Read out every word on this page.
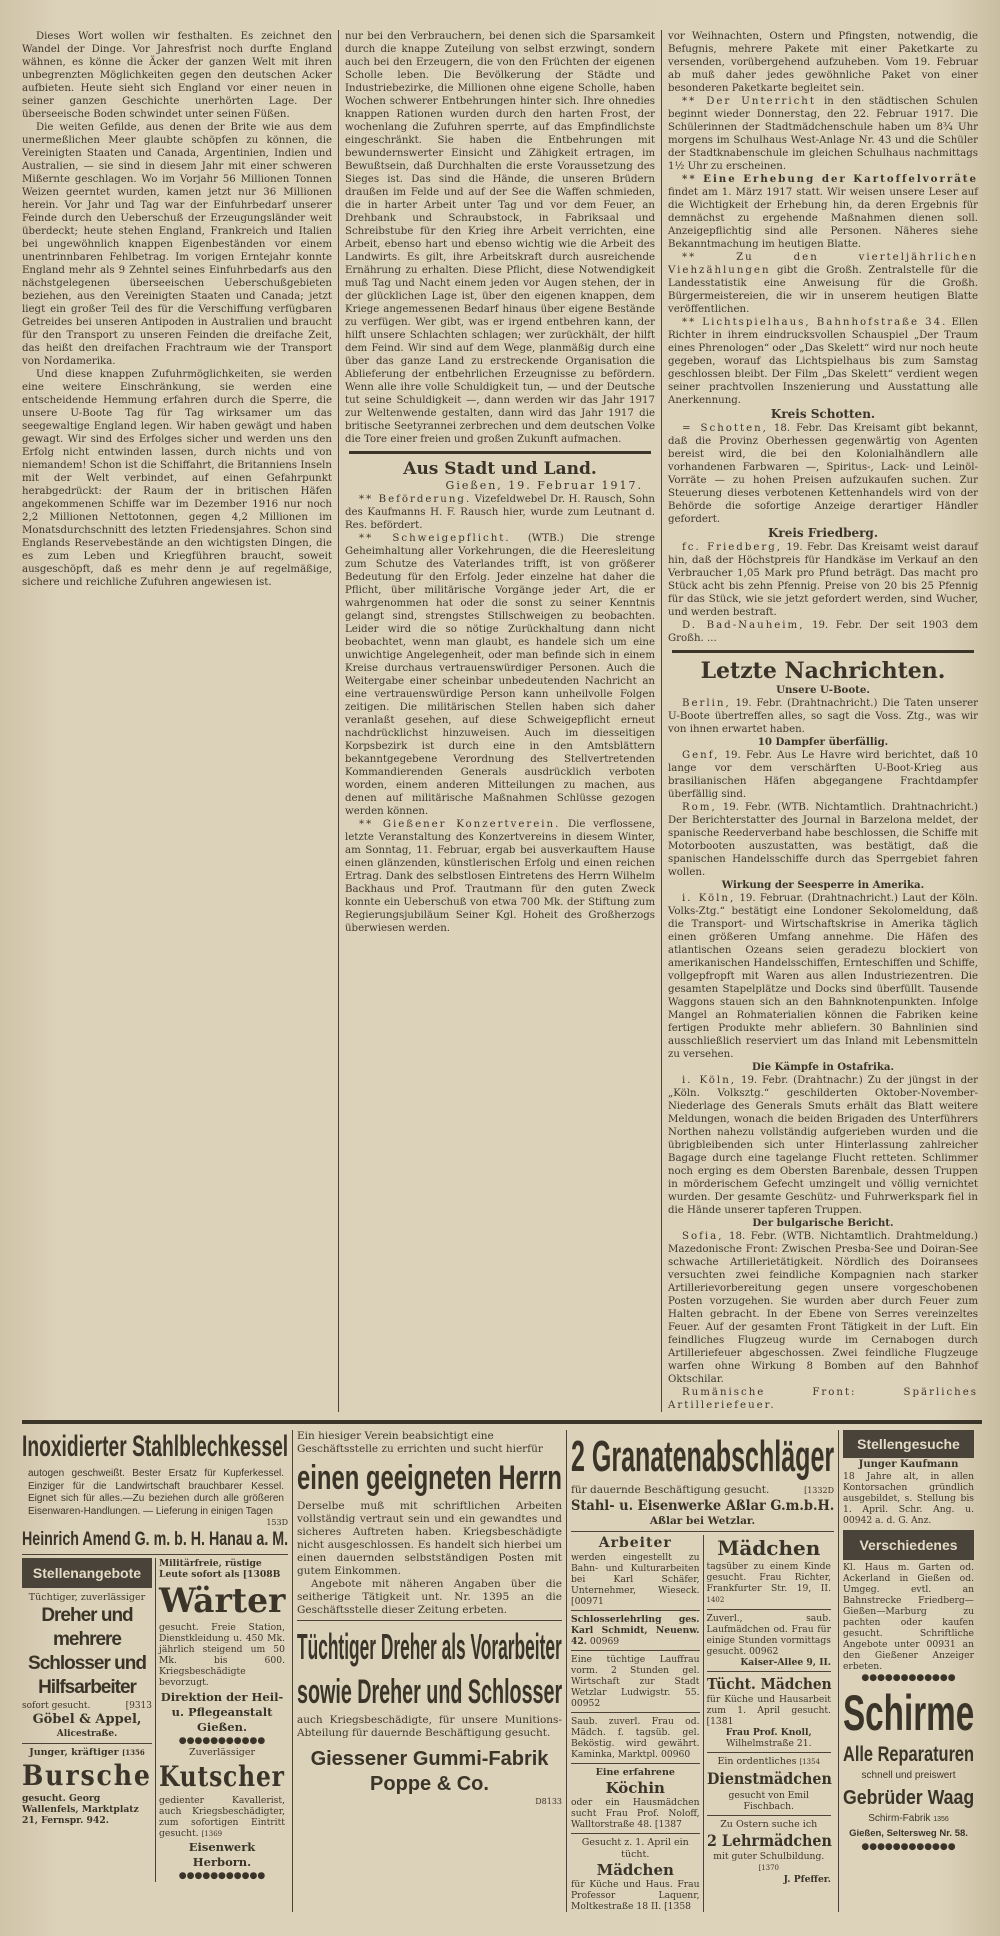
Dieses Wort wollen wir festhalten. Es zeichnet den Wandel der Dinge. Vor Jahresfrist noch durfte England wähnen, es könne die Äcker der ganzen Welt mit ihren unbegrenzten Möglichkeiten gegen den deutschen Acker aufbieten. Heute sieht sich England vor einer neuen in seiner ganzen Geschichte unerhörten Lage. Der überseeische Boden schwindet unter seinen Füßen.

Die weiten Gefilde, aus denen der Brite wie aus dem unermeßlichen Meer glaubte schöpfen zu können, die Vereinigten Staaten und Canada, Argentinien, Indien und Australien, — sie sind in diesem Jahr mit einer schweren Mißernte geschlagen. Wo im Vorjahr 56 Millionen Tonnen Weizen geerntet wurden, kamen jetzt nur 36 Millionen herein. Vor Jahr und Tag war der Einfuhrbedarf unserer Feinde durch den Ueberschuß der Erzeugungsländer weit überdeckt; heute stehen England, Frankreich und Italien bei ungewöhnlich knappen Eigenbeständen vor einem unentrinnbaren Fehlbetrag. Im vorigen Erntejahr konnte England mehr als 9 Zehntel seines Einfuhrbedarfs aus den nächstgelegenen überseeischen Ueberschußgebieten beziehen, aus den Vereinigten Staaten und Canada; jetzt liegt ein großer Teil des für die Verschiffung verfügbaren Getreides bei unseren Antipoden in Australien und braucht für den Transport zu unseren Feinden die dreifache Zeit, das heißt den dreifachen Frachtraum wie der Transport von Nordamerika.

Und diese knappen Zufuhrmöglichkeiten, sie werden eine weitere Einschränkung, sie werden eine entscheidende Hemmung erfahren durch die Sperre, die unsere U-Boote Tag für Tag wirksamer um das seegewaltige England legen. Wir haben gewägt und haben gewagt. Wir sind des Erfolges sicher und werden uns den Erfolg nicht entwinden lassen, durch nichts und von niemandem! Schon ist die Schiffahrt, die Britanniens Inseln mit der Welt verbindet, auf einen Gefahrpunkt herabgedrückt: der Raum der in britischen Häfen angekommenen Schiffe war im Dezember 1916 nur noch 2,2 Millionen Nettotonnen, gegen 4,2 Millionen im Monatsdurchschnitt des letzten Friedensjahres. Schon sind Englands Reservebestände an den wichtigsten Dingen, die es zum Leben und Kriegführen braucht, soweit ausgeschöpft, daß es mehr denn je auf regelmäßige, sichere und reichliche Zufuhren angewiesen ist.

nur bei den Verbrauchern, bei denen sich die Sparsamkeit durch die knappe Zuteilung von selbst erzwingt, sondern auch bei den Erzeugern, die von den Früchten der eigenen Scholle leben. Die Bevölkerung der Städte und Industriebezirke, die Millionen ohne eigene Scholle, haben Wochen schwerer Entbehrungen hinter sich. Ihre ohnedies knappen Rationen wurden durch den harten Frost, der wochenlang die Zufuhren sperrte, auf das Empfindlichste eingeschränkt. Sie haben die Entbehrungen mit bewundernswerter Einsicht und Zähigkeit ertragen, im Bewußtsein, daß Durchhalten die erste Voraussetzung des Sieges ist. Das sind die Hände, die unseren Brüdern draußen im Felde und auf der See die Waffen schmieden, die in harter Arbeit unter Tag und vor dem Feuer, an Drehbank und Schraubstock, in Fabriksaal und Schreibstube für den Krieg ihre Arbeit verrichten, eine Arbeit, ebenso hart und ebenso wichtig wie die Arbeit des Landwirts. Es gilt, ihre Arbeitskraft durch ausreichende Ernährung zu erhalten. Diese Pflicht, diese Notwendigkeit muß Tag und Nacht einem jeden vor Augen stehen, der in der glücklichen Lage ist, über den eigenen knappen, dem Kriege angemessenen Bedarf hinaus über eigene Bestände zu verfügen. Wer gibt, was er irgend entbehren kann, der hilft unsere Schlachten schlagen; wer zurückhält, der hilft dem Feind. Wir sind auf dem Wege, planmäßig durch eine über das ganze Land zu erstreckende Organisation die Ablieferung der entbehrlichen Erzeugnisse zu befördern. Wenn alle ihre volle Schuldigkeit tun, — und der Deutsche tut seine Schuldigkeit —, dann werden wir das Jahr 1917 zur Weltenwende gestalten, dann wird das Jahr 1917 die britische Seetyrannei zerbrechen und dem deutschen Volke die Tore einer freien und großen Zukunft aufmachen.

Aus Stadt und Land.
Gießen, 19. Februar 1917.

** Beförderung. Vizefeldwebel Dr. H. Rausch, Sohn des Kaufmanns H. F. Rausch hier, wurde zum Leutnant d. Res. befördert.

** Schweigepflicht. (WTB.) Die strenge Geheimhaltung aller Vorkehrungen, die die Heeresleitung zum Schutze des Vaterlandes trifft, ist von größerer Bedeutung für den Erfolg. Jeder einzelne hat daher die Pflicht, über militärische Vorgänge jeder Art, die er wahrgenommen hat oder die sonst zu seiner Kenntnis gelangt sind, strengstes Stillschweigen zu beobachten. Leider wird die so nötige Zurückhaltung dann nicht beobachtet, wenn man glaubt, es handele sich um eine unwichtige Angelegenheit, oder man befinde sich in einem Kreise durchaus vertrauenswürdiger Personen. Auch die Weitergabe einer scheinbar unbedeutenden Nachricht an eine vertrauenswürdige Person kann unheilvolle Folgen zeitigen. Die militärischen Stellen haben sich daher veranlaßt gesehen, auf diese Schweigepflicht erneut nachdrücklichst hinzuweisen. Auch im diesseitigen Korpsbezirk ist durch eine in den Amtsblättern bekanntgegebene Verordnung des Stellvertretenden Kommandierenden Generals ausdrücklich verboten worden, einem anderen Mitteilungen zu machen, aus denen auf militärische Maßnahmen Schlüsse gezogen werden können.

** Gießener Konzertverein. Die verflossene, letzte Veranstaltung des Konzertvereins in diesem Winter, am Sonntag, 11. Februar, ergab bei ausverkauftem Hause einen glänzenden, künstlerischen Erfolg und einen reichen Ertrag. Dank des selbstlosen Eintretens des Herrn Wilhelm Backhaus und Prof. Trautmann für den guten Zweck konnte ein Ueberschuß von etwa 700 Mk. der Stiftung zum Regierungsjubiläum Seiner Kgl. Hoheit des Großherzogs überwiesen werden.

vor Weihnachten, Ostern und Pfingsten, notwendig, die Befugnis, mehrere Pakete mit einer Paketkarte zu versenden, vorübergehend aufzuheben. Vom 19. Februar ab muß daher jedes gewöhnliche Paket von einer besonderen Paketkarte begleitet sein.

** Der Unterricht in den städtischen Schulen beginnt wieder Donnerstag, den 22. Februar 1917. Die Schülerinnen der Stadtmädchenschule haben um 8¾ Uhr morgens im Schulhaus West-Anlage Nr. 43 und die Schüler der Stadtknabenschule im gleichen Schulhaus nachmittags 1½ Uhr zu erscheinen.

** Eine Erhebung der Kartoffelvorräte findet am 1. März 1917 statt. Wir weisen unsere Leser auf die Wichtigkeit der Erhebung hin, da deren Ergebnis für demnächst zu ergehende Maßnahmen dienen soll. Anzeigepflichtig sind alle Personen. Näheres siehe Bekanntmachung im heutigen Blatte.

** Zu den vierteljährlichen Viehzählungen gibt die Großh. Zentralstelle für die Landesstatistik eine Anweisung für die Großh. Bürgermeistereien, die wir in unserem heutigen Blatte veröffentlichen.

** Lichtspielhaus, Bahnhofstraße 34. Ellen Richter in ihrem eindrucksvollen Schauspiel „Der Traum eines Phrenologen“ oder „Das Skelett“ wird nur noch heute gegeben, worauf das Lichtspielhaus bis zum Samstag geschlossen bleibt. Der Film „Das Skelett“ verdient wegen seiner prachtvollen Inszenierung und Ausstattung alle Anerkennung.

Kreis Schotten.

= Schotten, 18. Febr. Das Kreisamt gibt bekannt, daß die Provinz Oberhessen gegenwärtig von Agenten bereist wird, die bei den Kolonialhändlern alle vorhandenen Farbwaren —, Spiritus-, Lack- und Leinöl-Vorräte — zu hohen Preisen aufzukaufen suchen. Zur Steuerung dieses verbotenen Kettenhandels wird von der Behörde die sofortige Anzeige derartiger Händler gefordert.

Kreis Friedberg.

fc. Friedberg, 19. Febr. Das Kreisamt weist darauf hin, daß der Höchstpreis für Handkäse im Verkauf an den Verbraucher 1,05 Mark pro Pfund beträgt. Das macht pro Stück acht bis zehn Pfennig. Preise von 20 bis 25 Pfennig für das Stück, wie sie jetzt gefordert werden, sind Wucher, und werden bestraft.

D. Bad-Nauheim, 19. Febr. Der seit 1903 dem Großh. ...

Letzte Nachrichten.
Unsere U-Boote.

Berlin, 19. Febr. (Drahtnachricht.) Die Taten unserer U-Boote übertreffen alles, so sagt die Voss. Ztg., was wir von ihnen erwartet haben.

10 Dampfer überfällig.

Genf, 19. Febr. Aus Le Havre wird berichtet, daß 10 lange vor dem verschärften U-Boot-Krieg aus brasilianischen Häfen abgegangene Frachtdampfer überfällig sind.

Rom, 19. Febr. (WTB. Nichtamtlich. Drahtnachricht.) Der Berichterstatter des Journal in Barzelona meldet, der spanische Reederverband habe beschlossen, die Schiffe mit Motorbooten auszustatten, was bestätigt, daß die spanischen Handelsschiffe durch das Sperrgebiet fahren wollen.

Wirkung der Seesperre in Amerika.

i. Köln, 19. Februar. (Drahtnachricht.) Laut der Köln. Volks-Ztg.“ bestätigt eine Londoner Sekolomeldung, daß die Transport- und Wirtschaftskrise in Amerika täglich einen größeren Umfang annehme. Die Häfen des atlantischen Ozeans seien geradezu blockiert von amerikanischen Handelsschiffen, Ernteschiffen und Schiffe, vollgepfropft mit Waren aus allen Industriezentren. Die gesamten Stapelplätze und Docks sind überfüllt. Tausende Waggons stauen sich an den Bahnknotenpunkten. Infolge Mangel an Rohmaterialien können die Fabriken keine fertigen Produkte mehr abliefern. 30 Bahnlinien sind ausschließlich reserviert um das Inland mit Lebensmitteln zu versehen.

Die Kämpfe in Ostafrika.

i. Köln, 19. Febr. (Drahtnachr.) Zu der jüngst in der „Köln. Volksztg.“ geschilderten Oktober-November-Niederlage des Generals Smuts erhält das Blatt weitere Meldungen, wonach die beiden Brigaden des Unterführers Northen nahezu vollständig aufgerieben wurden und die übrigbleibenden sich unter Hinterlassung zahlreicher Bagage durch eine tagelange Flucht retteten. Schlimmer noch erging es dem Obersten Barenbale, dessen Truppen in mörderischem Gefecht umzingelt und völlig vernichtet wurden. Der gesamte Geschütz- und Fuhrwerkspark fiel in die Hände unserer tapferen Truppen.

Der bulgarische Bericht.

Sofia, 18. Febr. (WTB. Nichtamtlich. Drahtmeldung.) Mazedonische Front: Zwischen Presba-See und Doiran-See schwache Artillerietätigkeit. Nördlich des Doiransees versuchten zwei feindliche Kompagnien nach starker Artillerievorbereitung gegen unsere vorgeschobenen Posten vorzugehen. Sie wurden aber durch Feuer zum Halten gebracht. In der Ebene von Serres vereinzeltes Feuer. Auf der gesamten Front Tätigkeit in der Luft. Ein feindliches Flugzeug wurde im Cernabogen durch Artilleriefeuer abgeschossen. Zwei feindliche Flugzeuge warfen ohne Wirkung 8 Bomben auf den Bahnhof Oktschilar.

Rumänische Front: Spärliches Artilleriefeuer.

Inoxidierter Stahlblechkessel
autogen geschweißt. Bester Ersatz für Kupferkessel. Einziger für die Landwirtschaft brauchbarer Kessel. Eignet sich für alles.—Zu beziehen durch alle größeren Eisenwaren-Handlungen. — Lieferung in einigen Tagen
153D
Heinrich Amend G. m. b. H. Hanau a. M.
Stellenangebote
Tüchtiger, zuverlässiger
Dreher und mehrere Schlosser und Hilfsarbeiter
sofort gesucht.	[9313
Göbel & Appel,
Alicestraße.
Junger, kräftiger [1356
Bursche
gesucht. Georg Wallenfels, Marktplatz 21, Fernspr. 942.
Militärfreie, rüstige Leute sofort als [1308B
Wärter
gesucht. Freie Station, Dienstkleidung u. 450 Mk. jährlich steigend um 50 Mk. bis 600. Kriegsbeschädigte bevorzugt.
Direktion der Heil- u. Pflegeanstalt Gießen.
●●●●●●●●●●●
Zuverlässiger
Kutscher
gedienter Kavallerist, auch Kriegsbeschädigter, zum sofortigen Eintritt gesucht. [1369
Eisenwerk Herborn.
●●●●●●●●●●●
Ein hiesiger Verein beabsichtigt eine Geschäftsstelle zu errichten und sucht hierfür
einen geeigneten Herrn
Derselbe muß mit schriftlichen Arbeiten vollständig vertraut sein und ein gewandtes und sicheres Auftreten haben. Kriegsbeschädigte nicht ausgeschlossen. Es handelt sich hierbei um einen dauernden selbstständigen Posten mit gutem Einkommen.
Angebote mit näheren Angaben über die seitherige Tätigkeit unt. Nr. 1395 an die Geschäftsstelle dieser Zeitung erbeten.
Tüchtiger Dreher als Vorarbeiter
sowie Dreher und Schlosser
auch Kriegsbeschädigte, für unsere Munitions-Abteilung für dauernde Beschäftigung gesucht.
Giessener Gummi-Fabrik
Poppe & Co.
D8133
2 Granatenabschläger
für dauernde Beschäftigung gesucht.	[1332D
Stahl- u. Eisenwerke Aßlar G.m.b.H.
Aßlar bei Wetzlar.
Arbeiter
werden eingestellt zu Bahn- und Kulturarbeiten bei Karl Schäfer, Unternehmer, Wieseck. [00971
Schlosserlehrling ges. Karl Schmidt, Neuenw. 42. 00969
Eine tüchtige Lauffrau vorm. 2 Stunden gel. Wirtschaft zur Stadt Wetzlar Ludwigstr. 55. 00952
Saub. zuverl. Frau od. Mädch. f. tagsüb. gel. Beköstig. wird gewährt. Kaminka, Marktpl. 00960
Eine erfahrene
Köchin
oder ein Hausmädchen sucht Frau Prof. Noloff, Walltorstraße 48. [1387
Gesucht z. 1. April ein tücht.
Mädchen
für Küche und Haus. Frau Professor Laquenr, Moltkestraße 18 II. [1358
Mädchen
tagsüber zu einem Kinde gesucht. Frau Richter, Frankfurter Str. 19, II. 1402
Zuverl., saub. Laufmädchen od. Frau für einige Stunden vormittags gesucht. 00962
Kaiser-Allee 9, II.
Tücht. Mädchen
für Küche und Hausarbeit zum 1. April gesucht. [1381
Frau Prof. Knoll,
Wilhelmstraße 21.
Ein ordentliches [1354
Dienstmädchen
gesucht von Emil Fischbach.
Zu Ostern suche ich
2 Lehrmädchen
mit guter Schulbildung. [1370
J. Pfeffer.
Stellengesuche
Junger Kaufmann
18 Jahre alt, in allen Kontorsachen gründlich ausgebildet, s. Stellung bis 1. April. Schr. Ang. u. 00942 a. d. G. Anz.
Verschiedenes
Kl. Haus m. Garten od. Ackerland in Gießen od. Umgeg. evtl. an Bahnstrecke Friedberg—Gießen—Marburg zu pachten oder kaufen gesucht. Schriftliche Angebote unter 00931 an den Gießener Anzeiger erbeten.
●●●●●●●●●●●●
Schirme
Alle Reparaturen
schnell und preiswert
Gebrüder Waag
Schirm-Fabrik 1356
Gießen, Seltersweg Nr. 58.
●●●●●●●●●●●●
